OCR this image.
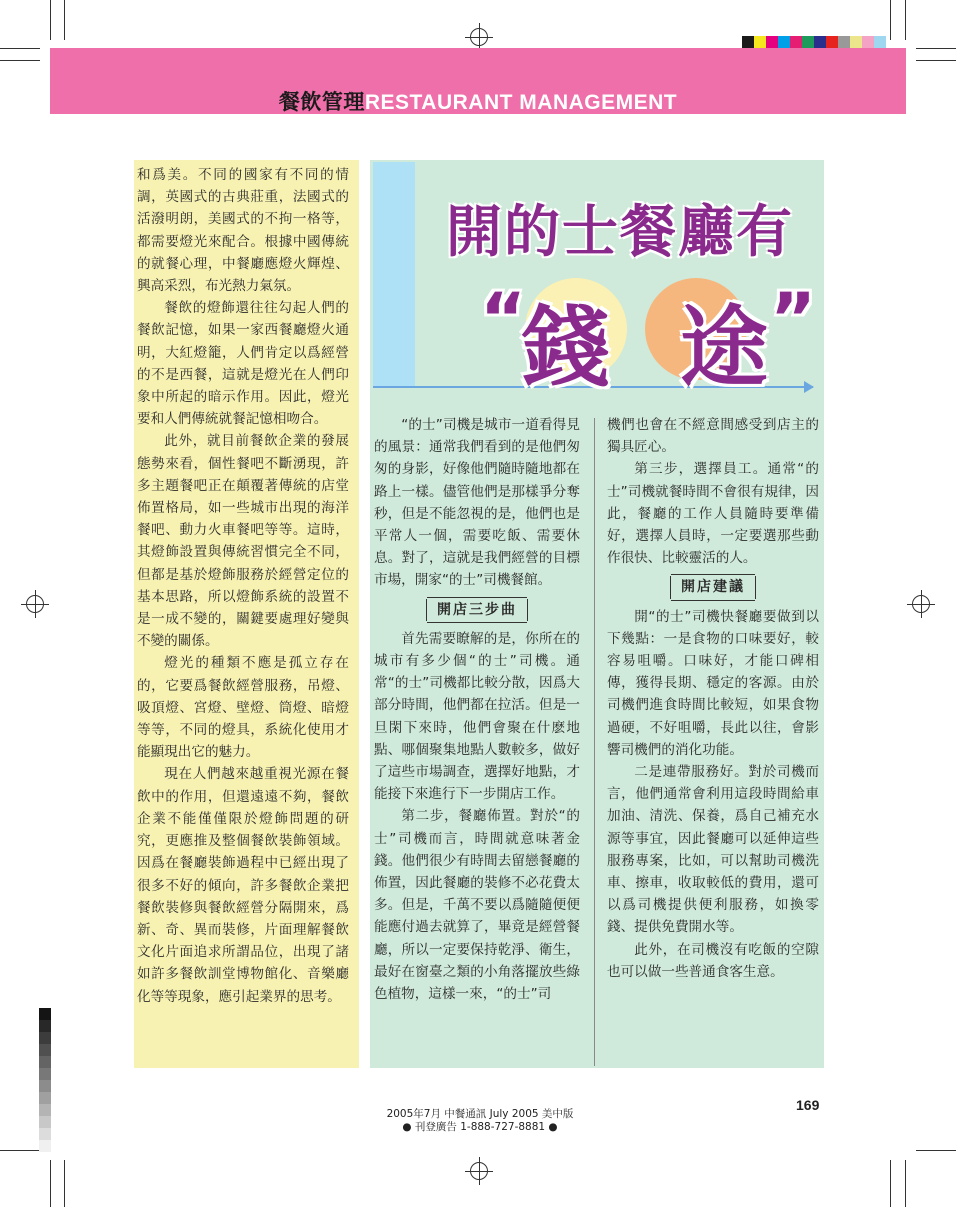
餐飲管理RESTAURANT MANAGEMENT
開的士餐廳有
“
錢 途 ”

和爲美。不同的國家有不同的情調，英國式的古典莊重，法國式的活潑明朗，美國式的不拘一格等，都需要燈光來配合。根據中國傳統的就餐心理，中餐廳應燈火輝煌、興高采烈，布光熱力氣氛。

餐飲的燈飾還往往勾起人們的餐飲記憶，如果一家西餐廳燈火通明，大紅燈籠，人們肯定以爲經營的不是西餐，這就是燈光在人們印象中所起的暗示作用。因此，燈光要和人們傳統就餐記憶相吻合。

此外，就目前餐飲企業的發展態勢來看，個性餐吧不斷湧現，許多主題餐吧正在顛覆著傳統的店堂佈置格局，如一些城市出現的海洋餐吧、動力火車餐吧等等。這時，其燈飾設置與傳統習慣完全不同，但都是基於燈飾服務於經營定位的基本思路，所以燈飾系統的設置不是一成不變的，關鍵要處理好變與不變的關係。

燈光的種類不應是孤立存在的，它要爲餐飲經營服務，吊燈、吸頂燈、宮燈、壁燈、筒燈、暗燈等等，不同的燈具，系統化使用才能顯現出它的魅力。

現在人們越來越重視光源在餐飲中的作用，但還遠遠不夠，餐飲企業不能僅僅限於燈飾問題的研究，更應推及整個餐飲裝飾領域。因爲在餐廳裝飾過程中已經出現了很多不好的傾向，許多餐飲企業把餐飲裝修與餐飲經營分隔開來，爲新、奇、異而裝修，片面理解餐飲文化片面追求所謂品位，出現了諸如許多餐飲訓堂博物館化、音樂廳化等等現象，應引起業界的思考。

“的士”司機是城市一道看得見的風景：通常我們看到的是他們匆匆的身影，好像他們隨時隨地都在路上一樣。儘管他們是那樣爭分奪秒，但是不能忽視的是，他們也是平常人一個，需要吃飯、需要休息。對了，這就是我們經營的目標市場，開家“的士”司機餐館。

開店三步曲

首先需要瞭解的是，你所在的城市有多少個“的士”司機。通常“的士”司機都比較分散，因爲大部分時間，他們都在拉活。但是一旦閑下來時，他們會聚在什麽地點、哪個聚集地點人數較多，做好了這些市場調查，選擇好地點，才能接下來進行下一步開店工作。

第二步，餐廳佈置。對於“的士”司機而言，時間就意味著金錢。他們很少有時間去留戀餐廳的佈置，因此餐廳的裝修不必花費太多。但是，千萬不要以爲隨隨便便能應付過去就算了，畢竟是經營餐廳，所以一定要保持乾淨、衛生，最好在窗臺之類的小角落擺放些綠色植物，這樣一來，“的士”司

機們也會在不經意間感受到店主的獨具匠心。

第三步，選擇員工。通常“的士”司機就餐時間不會很有規律，因此，餐廳的工作人員隨時要準備好，選擇人員時，一定要選那些動作很快、比較靈活的人。

開店建議

開“的士”司機快餐廳要做到以下幾點：一是食物的口味要好，較容易咀嚼。口味好，才能口碑相傳，獲得長期、穩定的客源。由於司機們進食時間比較短，如果食物過硬，不好咀嚼，長此以往，會影響司機們的消化功能。

二是連帶服務好。對於司機而言，他們通常會利用這段時間給車加油、清洗、保養，爲自己補充水源等事宜，因此餐廳可以延伸這些服務專案，比如，可以幫助司機洗車、擦車，收取較低的費用，還可以爲司機提供便利服務，如換零錢、提供免費開水等。

此外，在司機沒有吃飯的空隙也可以做一些普通食客生意。

169
2005年7月 中餐通訊 July 2005 美中版
● 刊登廣告 1-888-727-8881 ●
